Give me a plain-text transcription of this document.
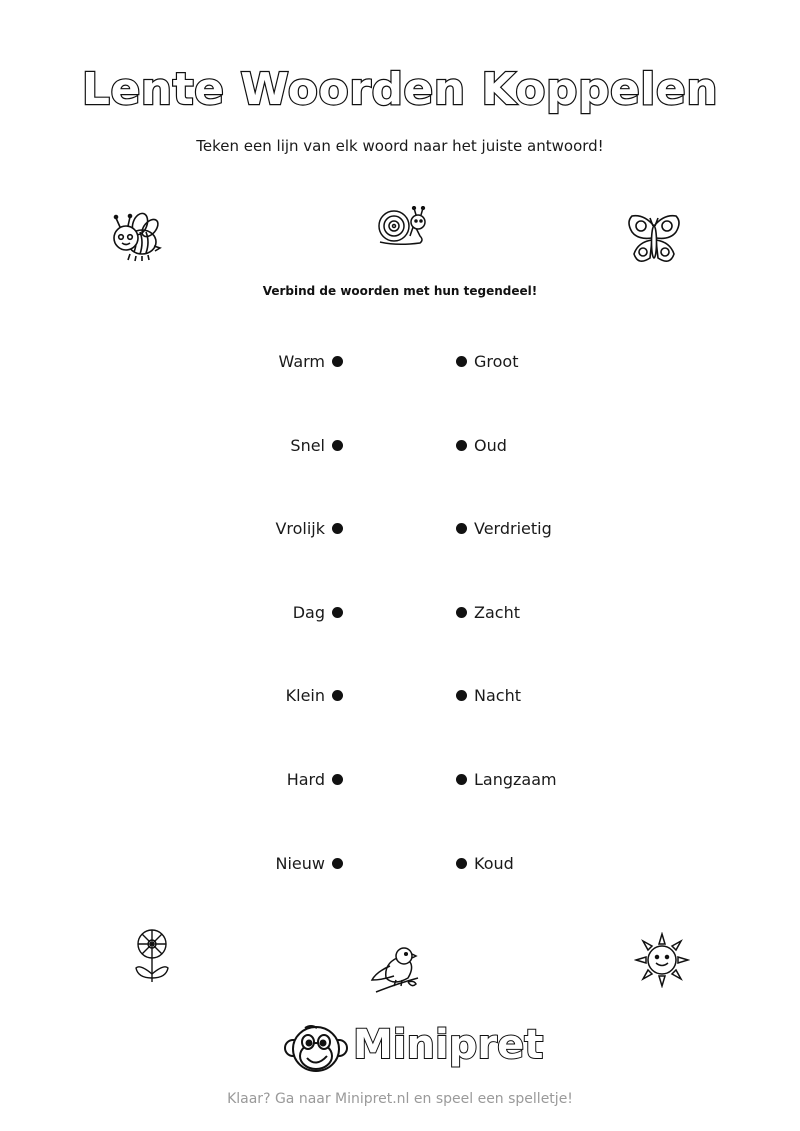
Lente Woorden Koppelen
Teken een lijn van elk woord naar het juiste antwoord!
Verbind de woorden met hun tegendeel!
Warm	Groot
Snel	Oud
Vrolijk	Verdrietig
Dag	Zacht
Klein	Nacht
Hard	Langzaam
Nieuw	Koud
Minipret
Klaar? Ga naar Minipret.nl en speel een spelletje!
